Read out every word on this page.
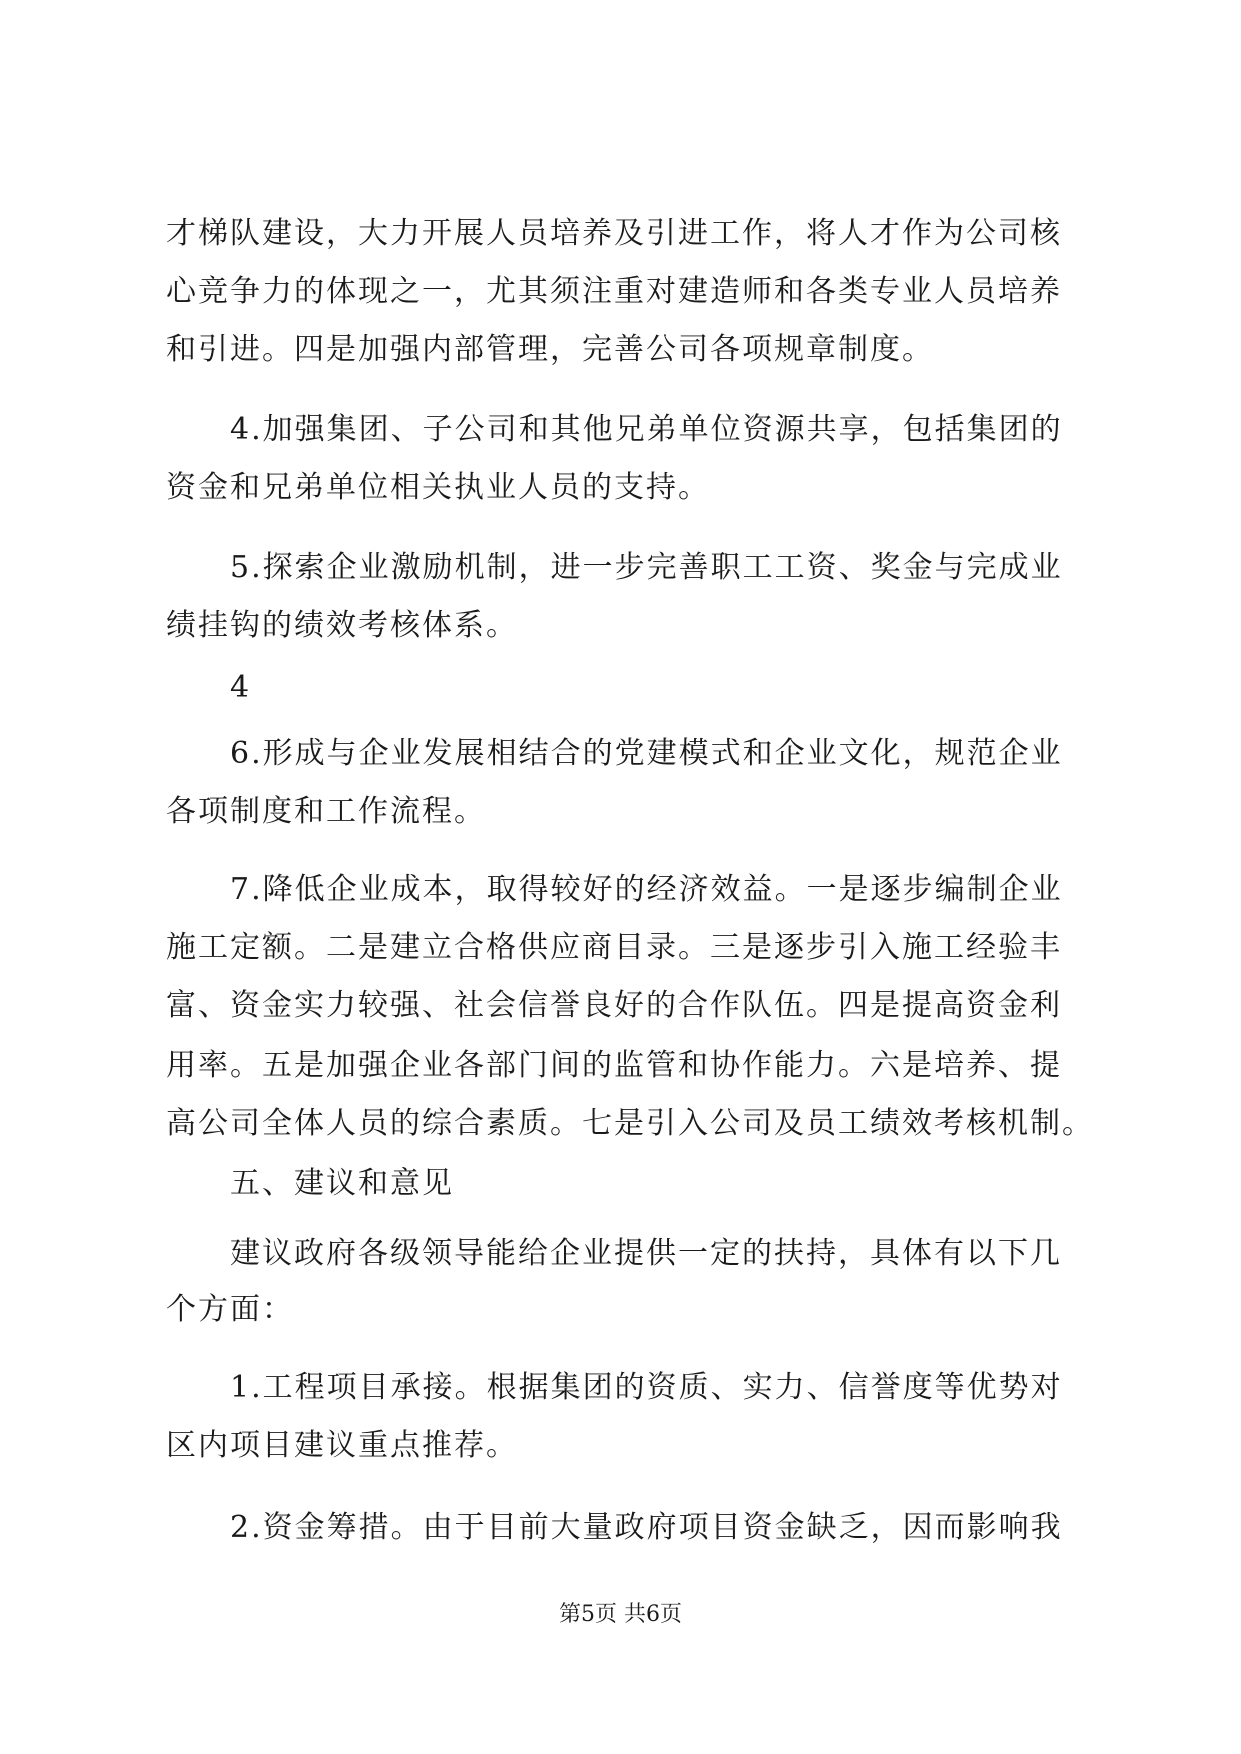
才梯队建设，大力开展人员培养及引进工作，将人才作为公司核
心竞争力的体现之一，尤其须注重对建造师和各类专业人员培养
和引进。四是加强内部管理，完善公司各项规章制度。
4.加强集团、子公司和其他兄弟单位资源共享，包括集团的
资金和兄弟单位相关执业人员的支持。
5.探索企业激励机制，进一步完善职工工资、奖金与完成业
绩挂钩的绩效考核体系。
4
6.形成与企业发展相结合的党建模式和企业文化，规范企业
各项制度和工作流程。
7.降低企业成本，取得较好的经济效益。一是逐步编制企业
施工定额。二是建立合格供应商目录。三是逐步引入施工经验丰
富、资金实力较强、社会信誉良好的合作队伍。四是提高资金利
用率。五是加强企业各部门间的监管和协作能力。六是培养、提
高公司全体人员的综合素质。七是引入公司及员工绩效考核机制。
五、建议和意见
建议政府各级领导能给企业提供一定的扶持，具体有以下几
个方面：
1.工程项目承接。根据集团的资质、实力、信誉度等优势对
区内项目建议重点推荐。
2.资金筹措。由于目前大量政府项目资金缺乏，因而影响我
第5页 共6页
